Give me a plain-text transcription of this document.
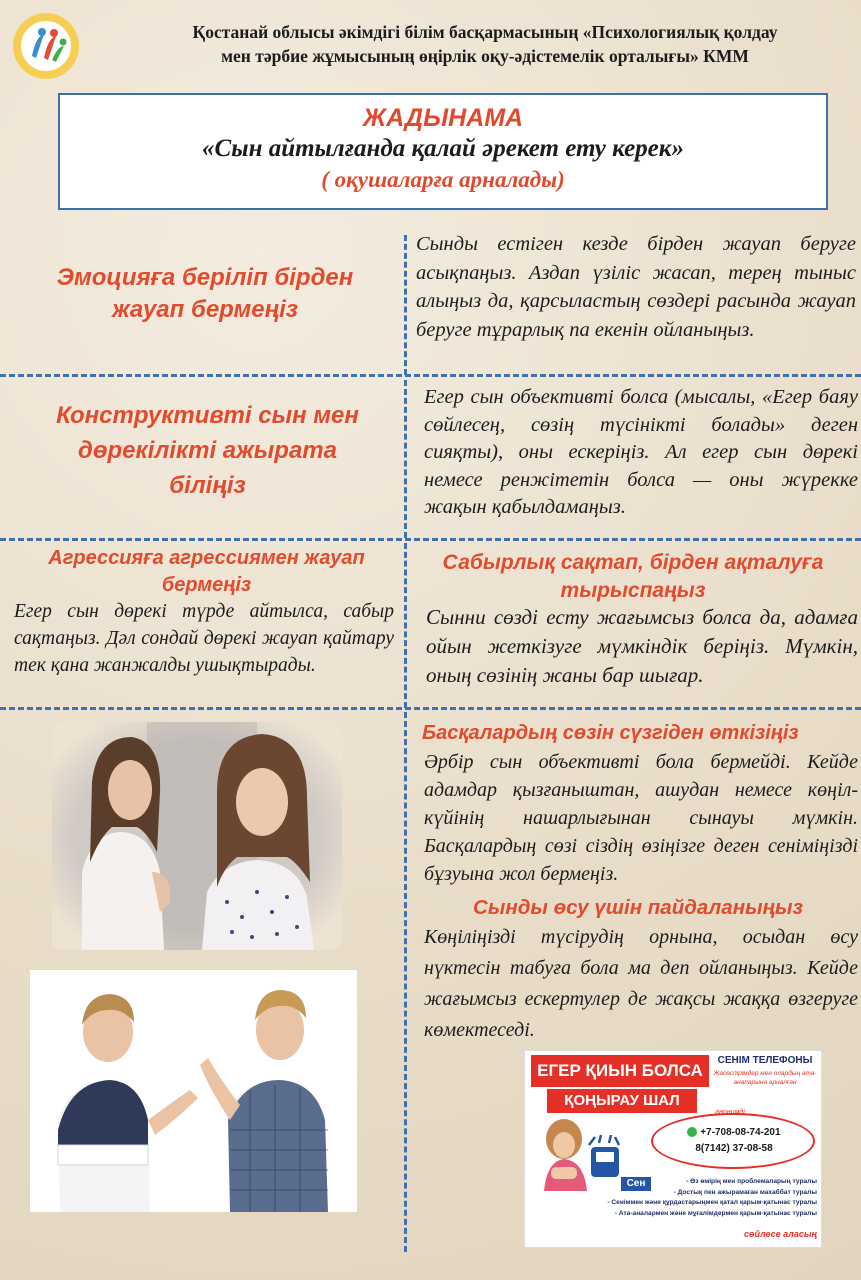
Қостанай облысы әкімдігі білім басқармасының «Психологиялық қолдау
мен тәрбие жұмысының өңірлік оқу-әдістемелік орталығы» КММ
ЖАДЫНАМА
«Сын айтылғанда қалай әрекет ету керек»
( оқушаларға арналады)
Эмоцияға беріліп бірден
жауап бермеңіз
Сынды естіген кезде бірден жауап беруге асықпаңыз. Аздап үзіліс жасап, терең тыныс алыңыз да, қарсыластың сөздері расында жауап беруге тұрарлық па екенін ойланыңыз.
Конструктивті сын мен
дөрекілікті ажырата
біліңіз
Егер сын объективті болса (мысалы, «Егер баяу сөйлесең, сөзің түсінікті болады» деген сияқты), оны ескеріңіз. Ал егер сын дөрекі немесе ренжітетін болса — оны жүрекке жақын қабылдамаңыз.
Агрессияға агрессиямен жауап
бермеңіз
Егер сын дөрекі түрде айтылса, сабыр сақтаңыз. Дәл сондай дөрекі жауап қайтару тек қана жанжалды ушықтырады.
Сабырлық сақтап, бірден ақталуға
тырыспаңыз
Сынни сөзді есту жағымсыз болса да, адамға ойын жеткізуге мүмкіндік беріңіз. Мүмкін, оның сөзінің жаны бар шығар.
Басқалардың сөзін сүзгіден өткізіңіз
Әрбір сын объективті бола бермейді. Кейде адамдар қызғаныштан, ашудан немесе көңіл-күйінің нашарлығынан сынауы мүмкін. Басқалардың сөзі сіздің өзіңізге деген сеніміңізді бұзуына жол бермеңіз.
Сынды өсу үшін пайдаланыңыз
Көңіліңізді түсірудің орнына, осыдан өсу нүктесін табуға бола ма деп ойланыңыз. Кейде жағымсыз ескертулер де жақсы жаққа өзгеруге көмектеседі.
ЕГЕР ҚИЫН БОЛСА
ҚОҢЫРАУ ШАЛ
СЕНІМ ТЕЛЕФОНЫ
Жасөспірімдер мен олардың ата-аналарына арналған
анонимді
+7-708-08-74-201
8(7142) 37-08-58
Сен	- Өз өмірің мен проблемаларың туралы
- Достық пен ажырамаған махаббат туралы
- Сеніммен және құрдастарыңмен қатал қарым-қатынас туралы
- Ата-аналармен және мұғалімдермен қарым-қатынас туралы
сөйлесе аласың
